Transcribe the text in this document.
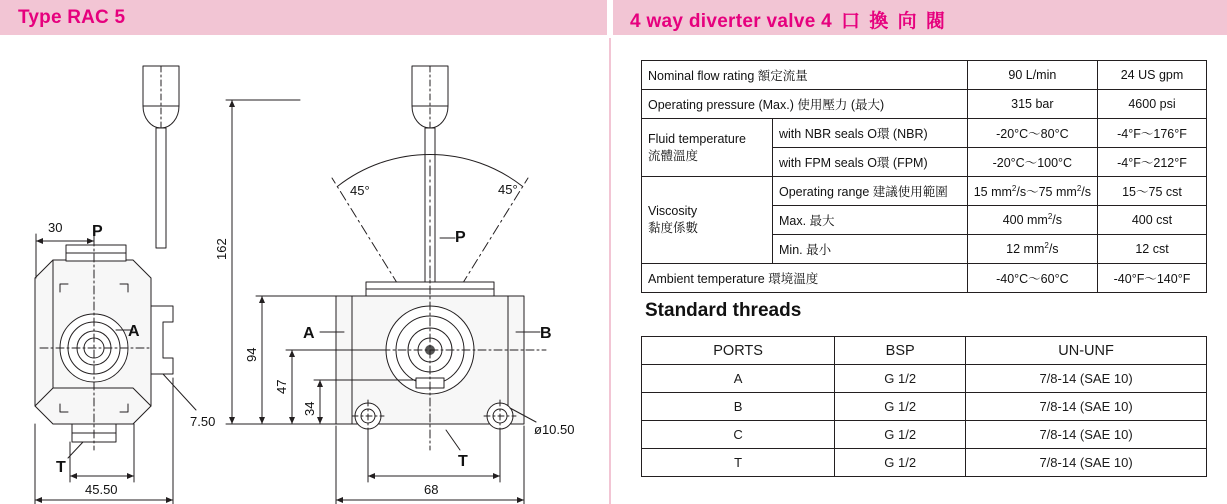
Type RAC 5	4 way diverter valve 4 口 換 向 閥
30 P
A
T
7.50
45.50
45°	45°
162
94
47
34
68
ø10.50
P
A	B
T
Nominal flow rating 額定流量		90 L/min	24 US gpm
Operating pressure (Max.) 使用壓力 (最大)		315 bar	4600 psi

Fluid temperature
流體溫度	with NBR seals O環 (NBR)	-20°C～80°C	-4°F～176°F
	with FPM seals O環 (FPM)	-20°C～100°C	-4°F～212°F

Viscosity
黏度係數	Operating range 建議使用範圍	15 $mm^2/s\sim 75$ $mm^2/s$	15～75 cst
	Max. 最大	400 $mm^2/s$	400 cst
	Min. 最小	12 $mm^2/s$	12 cst
Ambient temperature 環境溫度		-40°C～60°C	-40°F～140°F
Standard threads
PORTS	BSP	UN-UNF
A	G 1/2	7/8-14 (SAE 10)
B	G 1/2	7/8-14 (SAE 10)
C	G 1/2	7/8-14 (SAE 10)
T	G 1/2	7/8-14 (SAE 10)
